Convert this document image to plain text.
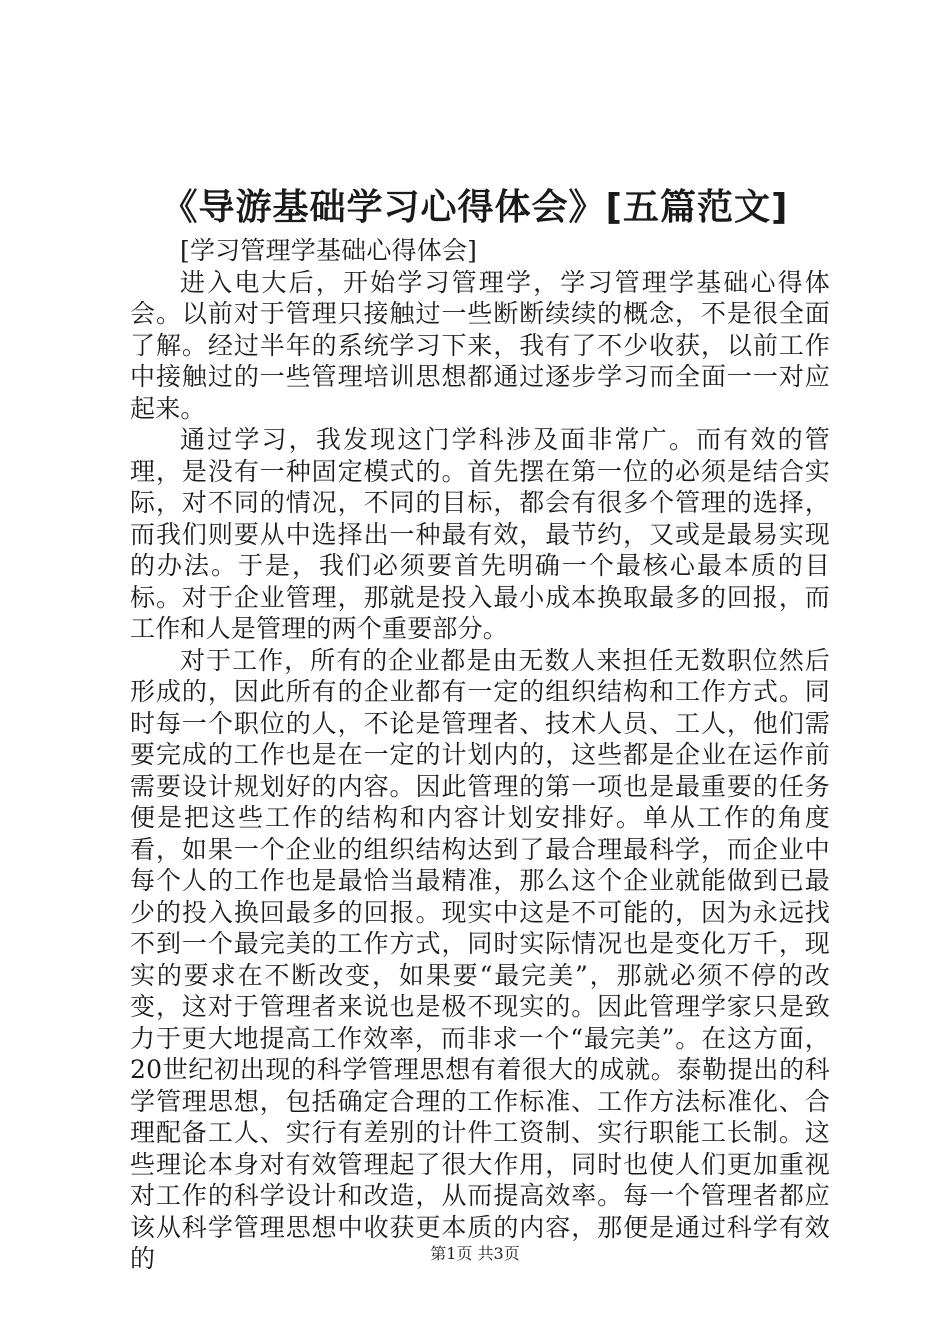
《导游基础学习心得体会》[五篇范文]

[学习管理学基础心得体会]

进入电大后，开始学习管理学，学习管理学基础心得体会。以前对于管理只接触过一些断断续续的概念，不是很全面了解。经过半年的系统学习下来，我有了不少收获，以前工作中接触过的一些管理培训思想都通过逐步学习而全面一一对应起来。

通过学习，我发现这门学科涉及面非常广。而有效的管理，是没有一种固定模式的。首先摆在第一位的必须是结合实际，对不同的情况，不同的目标，都会有很多个管理的选择，而我们则要从中选择出一种最有效，最节约，又或是最易实现的办法。于是，我们必须要首先明确一个最核心最本质的目标。对于企业管理，那就是投入最小成本换取最多的回报，而工作和人是管理的两个重要部分。

对于工作，所有的企业都是由无数人来担任无数职位然后形成的，因此所有的企业都有一定的组织结构和工作方式。同时每一个职位的人，不论是管理者、技术人员、工人，他们需要完成的工作也是在一定的计划内的，这些都是企业在运作前需要设计规划好的内容。因此管理的第一项也是最重要的任务便是把这些工作的结构和内容计划安排好。单从工作的角度看，如果一个企业的组织结构达到了最合理最科学，而企业中每个人的工作也是最恰当最精准，那么这个企业就能做到已最少的投入换回最多的回报。现实中这是不可能的，因为永远找不到一个最完美的工作方式，同时实际情况也是变化万千，现实的要求在不断改变，如果要“最完美”，那就必须不停的改变，这对于管理者来说也是极不现实的。因此管理学家只是致力于更大地提高工作效率，而非求一个“最完美”。在这方面，20世纪初出现的科学管理思想有着很大的成就。泰勒提出的科学管理思想，包括确定合理的工作标准、工作方法标准化、合理配备工人、实行有差别的计件工资制、实行职能工长制。这些理论本身对有效管理起了很大作用，同时也使人们更加重视对工作的科学设计和改造，从而提高效率。每一个管理者都应该从科学管理思想中收获更本质的内容，那便是通过科学有效的	第1页 共3页
